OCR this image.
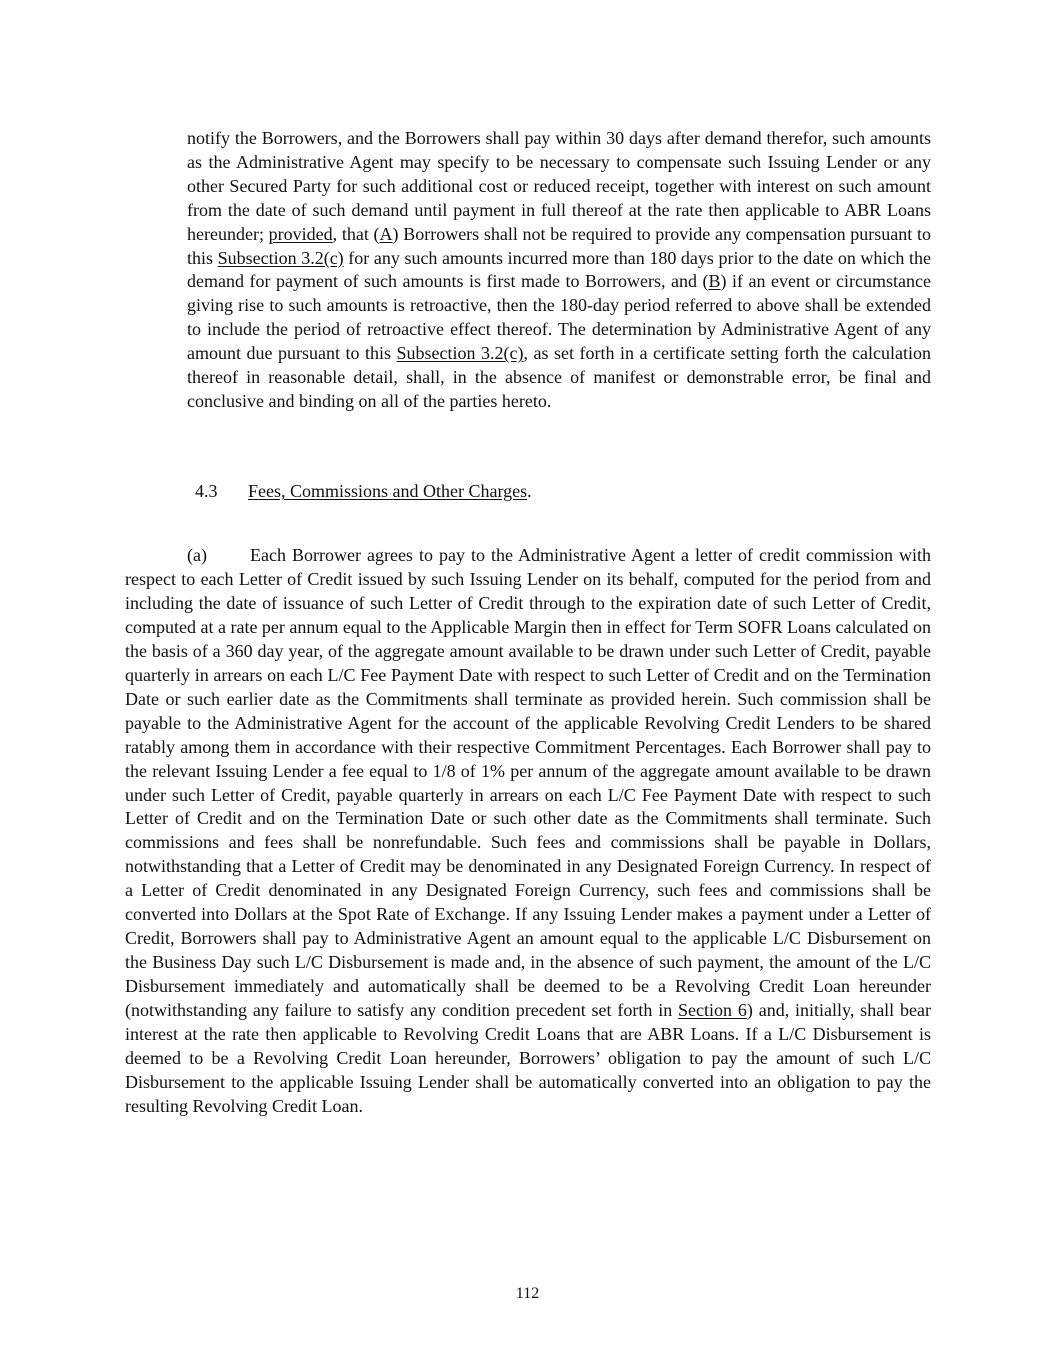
notify the Borrowers, and the Borrowers shall pay within 30 days after demand therefor, such amounts as the Administrative Agent may specify to be necessary to compensate such Issuing Lender or any other Secured Party for such additional cost or reduced receipt, together with interest on such amount from the date of such demand until payment in full thereof at the rate then applicable to ABR Loans hereunder; provided, that (A) Borrowers shall not be required to provide any compensation pursuant to this Subsection 3.2(c) for any such amounts incurred more than 180 days prior to the date on which the demand for payment of such amounts is first made to Borrowers, and (B) if an event or circumstance giving rise to such amounts is retroactive, then the 180-day period referred to above shall be extended to include the period of retroactive effect thereof. The determination by Administrative Agent of any amount due pursuant to this Subsection 3.2(c), as set forth in a certificate setting forth the calculation thereof in reasonable detail, shall, in the absence of manifest or demonstrable error, be final and conclusive and binding on all of the parties hereto.

4.3 Fees, Commissions and Other Charges.

(a) Each Borrower agrees to pay to the Administrative Agent a letter of credit commission with respect to each Letter of Credit issued by such Issuing Lender on its behalf, computed for the period from and including the date of issuance of such Letter of Credit through to the expiration date of such Letter of Credit, computed at a rate per annum equal to the Applicable Margin then in effect for Term SOFR Loans calculated on the basis of a 360 day year, of the aggregate amount available to be drawn under such Letter of Credit, payable quarterly in arrears on each L/C Fee Payment Date with respect to such Letter of Credit and on the Termination Date or such earlier date as the Commitments shall terminate as provided herein. Such commission shall be payable to the Administrative Agent for the account of the applicable Revolving Credit Lenders to be shared ratably among them in accordance with their respective Commitment Percentages. Each Borrower shall pay to the relevant Issuing Lender a fee equal to 1/8 of 1% per annum of the aggregate amount available to be drawn under such Letter of Credit, payable quarterly in arrears on each L/C Fee Payment Date with respect to such Letter of Credit and on the Termination Date or such other date as the Commitments shall terminate. Such commissions and fees shall be nonrefundable. Such fees and commissions shall be payable in Dollars, notwithstanding that a Letter of Credit may be denominated in any Designated Foreign Currency. In respect of a Letter of Credit denominated in any Designated Foreign Currency, such fees and commissions shall be converted into Dollars at the Spot Rate of Exchange. If any Issuing Lender makes a payment under a Letter of Credit, Borrowers shall pay to Administrative Agent an amount equal to the applicable L/C Disbursement on the Business Day such L/C Disbursement is made and, in the absence of such payment, the amount of the L/C Disbursement immediately and automatically shall be deemed to be a Revolving Credit Loan hereunder (notwithstanding any failure to satisfy any condition precedent set forth in Section 6) and, initially, shall bear interest at the rate then applicable to Revolving Credit Loans that are ABR Loans. If a L/C Disbursement is deemed to be a Revolving Credit Loan hereunder, Borrowers’ obligation to pay the amount of such L/C Disbursement to the applicable Issuing Lender shall be automatically converted into an obligation to pay the resulting Revolving Credit Loan.

112
